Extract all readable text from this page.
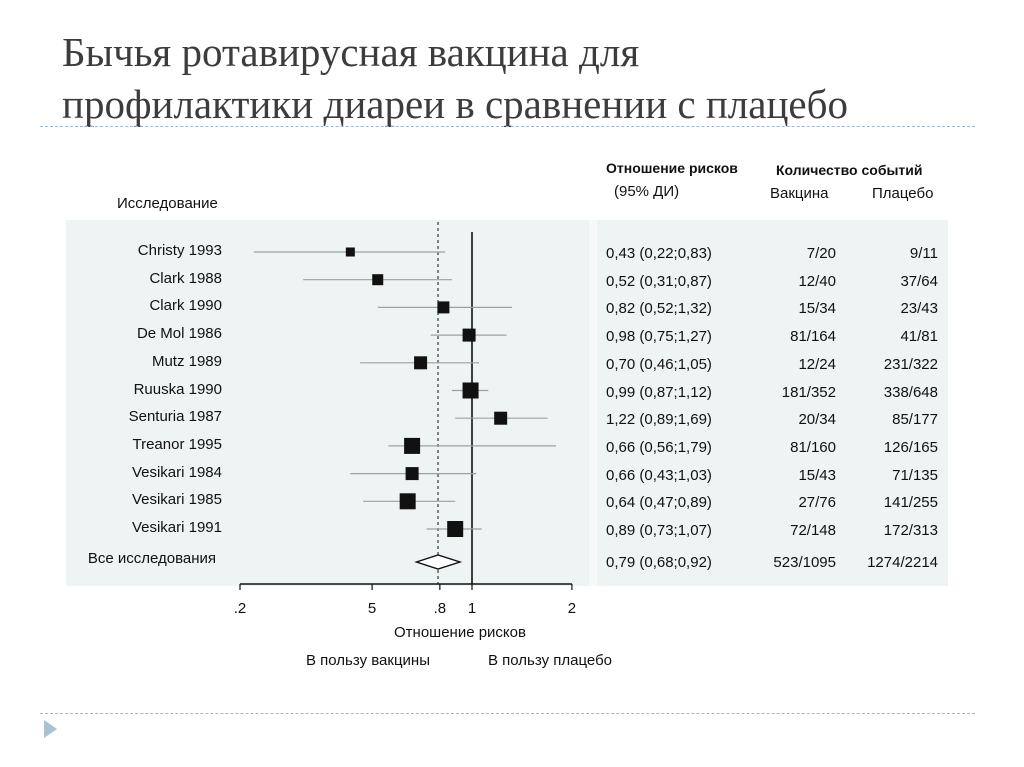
Бычья ротавирусная вакцина для
профилактики диареи в сравнении с плацебо
Отношение рисков
(95% ДИ)
Количество событий
Вакцина	Плацебо
Исследование
Christy 1993	0,43 (0,22;0,83)	7/20	9/11
Clark 1988	0,52 (0,31;0,87)	12/40	37/64
Clark 1990	0,82 (0,52;1,32)	15/34	23/43
De Mol 1986	0,98 (0,75;1,27)	81/164	41/81
Mutz 1989	0,70 (0,46;1,05)	12/24	231/322
Ruuska 1990	0,99 (0,87;1,12)	181/352	338/648
Senturia 1987	1,22 (0,89;1,69)	20/34	85/177
Treanor 1995	0,66 (0,56;1,79)	81/160	126/165
Vesikari 1984	0,66 (0,43;1,03)	15/43	71/135
Vesikari 1985	0,64 (0,47;0,89)	27/76	141/255
Vesikari 1991	0,89 (0,73;1,07)	72/148	172/313
Все исследования	0,79 (0,68;0,92)	523/1095	1274/2214
.2	5	.8 1	2
Отношение рисков
В пользу вакцины	В пользу плацебо
